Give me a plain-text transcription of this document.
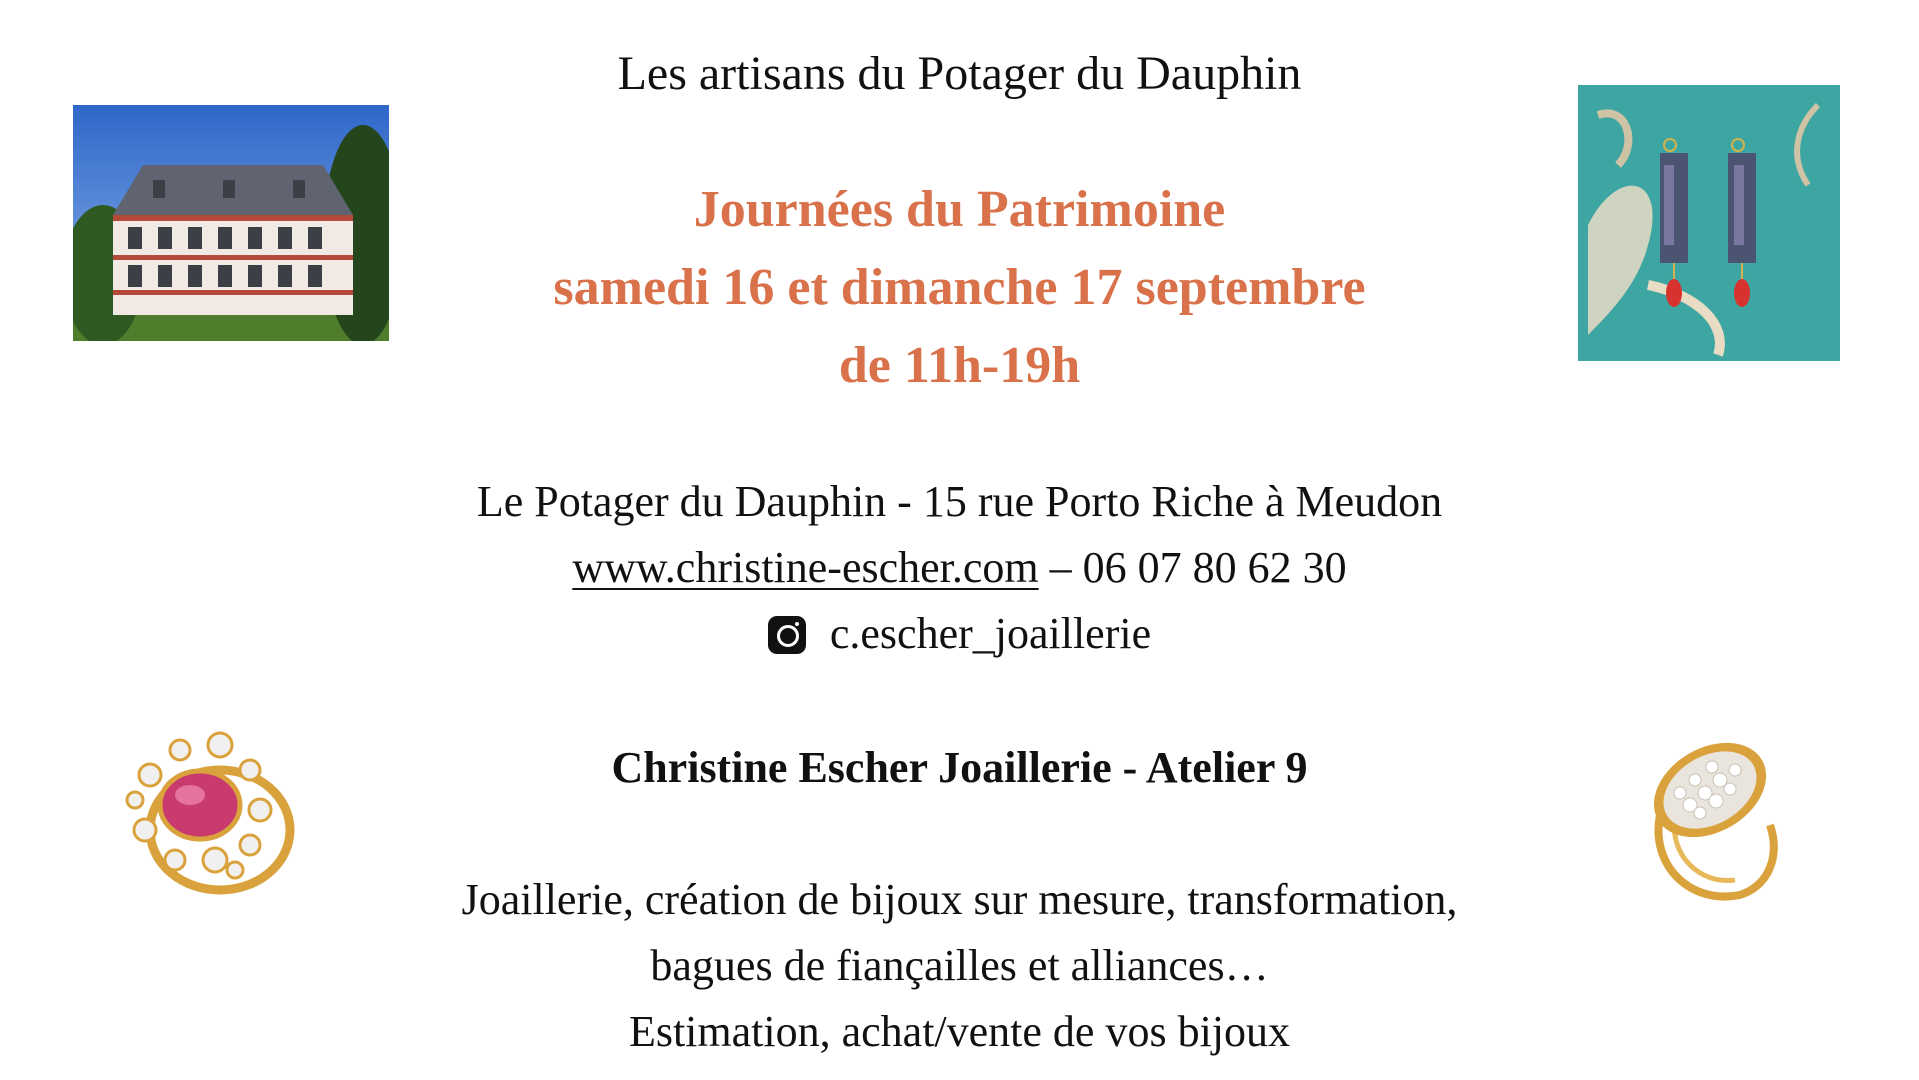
Les artisans du Potager du Dauphin
Journées du Patrimoine
samedi 16 et dimanche 17 septembre
de 11h-19h
Le Potager du Dauphin - 15 rue Porto Riche à Meudon
www.christine-escher.com – 06 07 80 62 30
c.escher_joaillerie
Christine Escher Joaillerie - Atelier 9
Joaillerie, création de bijoux sur mesure, transformation,
bagues de fiançailles et alliances…
Estimation, achat/vente de vos bijoux
